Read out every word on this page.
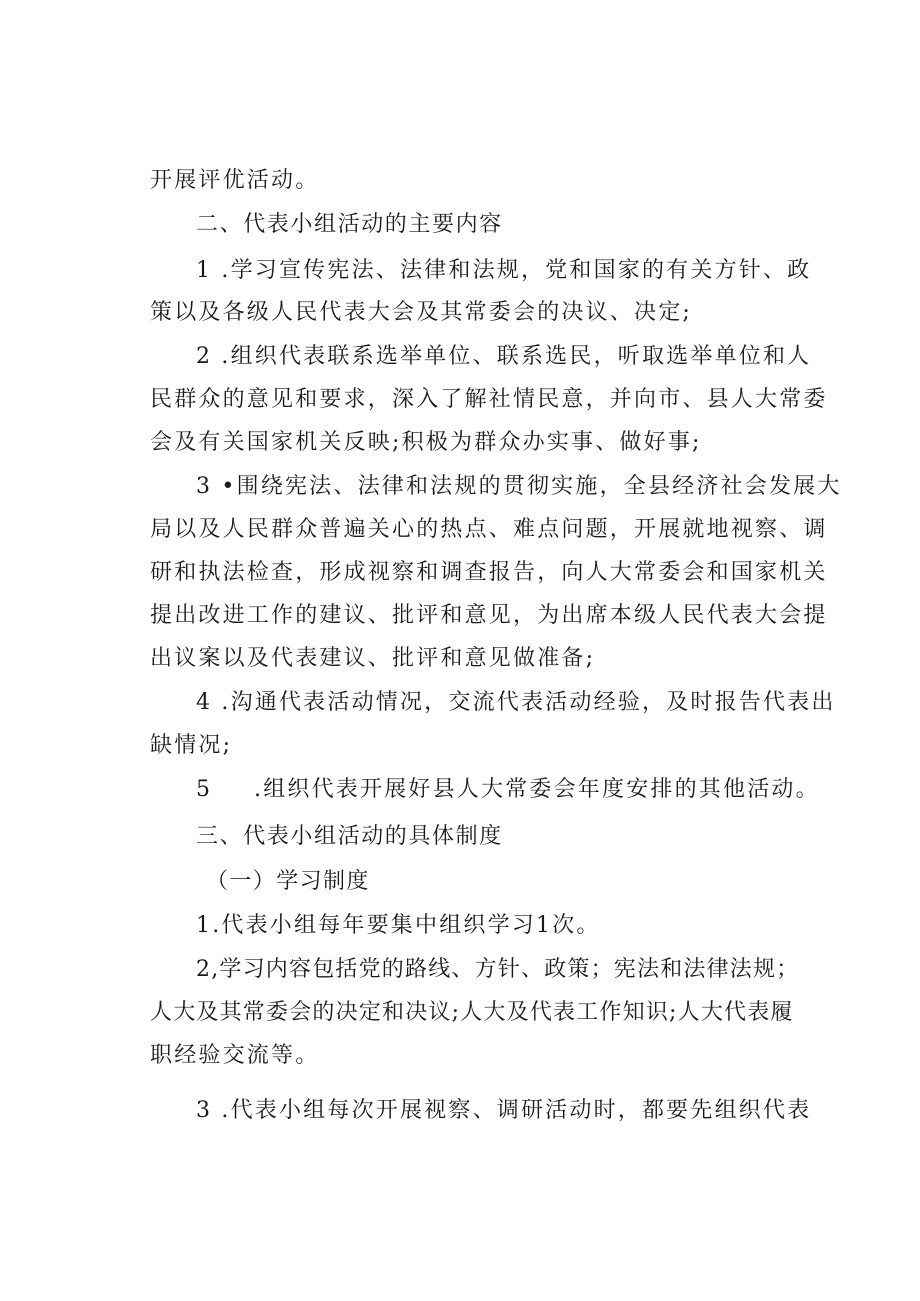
开展评优活动。
二、代表小组活动的主要内容
1 .学习宣传宪法、法律和法规，党和国家的有关方针、政
策以及各级人民代表大会及其常委会的决议、决定;
2 .组织代表联系选举单位、联系选民，听取选举单位和人
民群众的意见和要求，深入了解社情民意，并向市、县人大常委
会及有关国家机关反映;积极为群众办实事、做好事;
3 •围绕宪法、法律和法规的贯彻实施，全县经济社会发展大
局以及人民群众普遍关心的热点、难点问题，开展就地视察、调
研和执法检查，形成视察和调查报告，向人大常委会和国家机关
提出改进工作的建议、批评和意见，为出席本级人民代表大会提
出议案以及代表建议、批评和意见做准备;
4 .沟通代表活动情况，交流代表活动经验，及时报告代表出
缺情况;
5 .组织代表开展好县人大常委会年度安排的其他活动。
三、代表小组活动的具体制度
（一）学习制度
1.代表小组每年要集中组织学习1次。
2,学习内容包括党的路线、方针、政策；宪法和法律法规；
人大及其常委会的决定和决议;人大及代表工作知识;人大代表履
职经验交流等。
3 .代表小组每次开展视察、调研活动时，都要先组织代表
